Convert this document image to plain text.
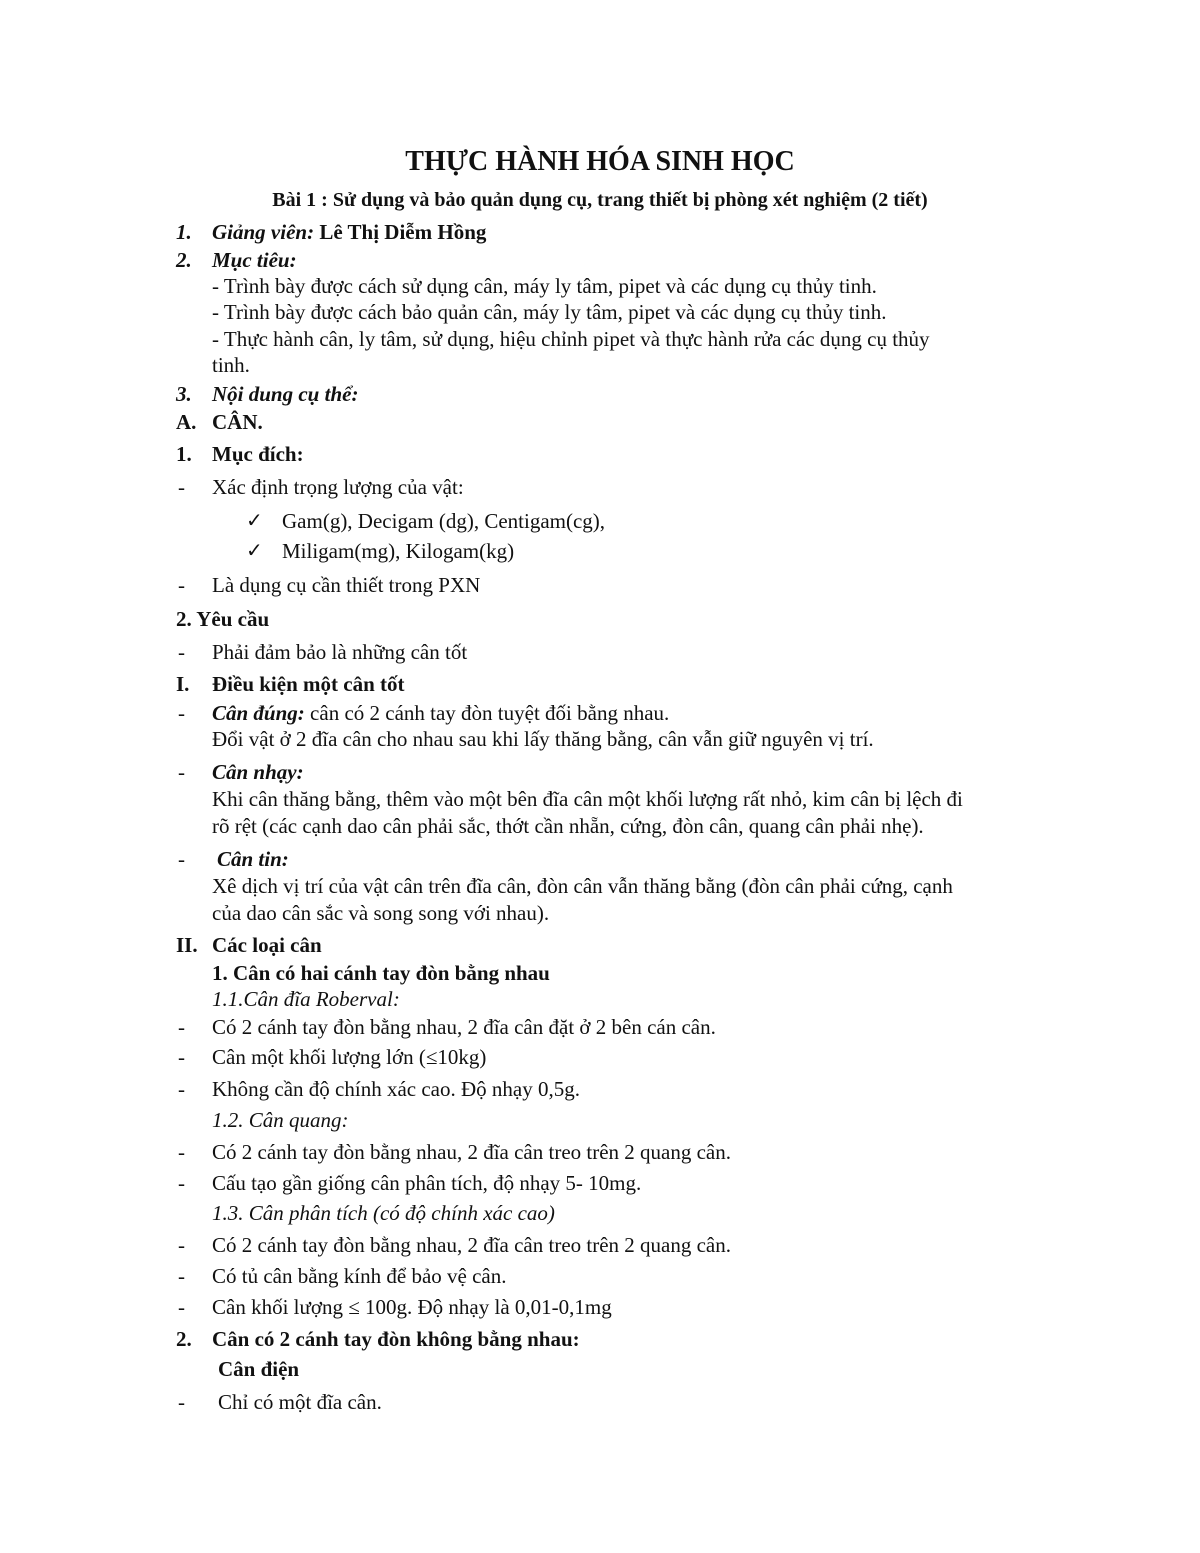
THỰC HÀNH HÓA SINH HỌC
Bài 1 : Sử dụng và bảo quản dụng cụ, trang thiết bị phòng xét nghiệm (2 tiết)
1. Giảng viên: Lê Thị Diễm Hồng
2. Mục tiêu:
- Trình bày được cách sử dụng cân, máy ly tâm, pipet và các dụng cụ thủy tinh.
- Trình bày được cách bảo quản cân, máy ly tâm, pipet và các dụng cụ thủy tinh.
- Thực hành cân, ly tâm, sử dụng, hiệu chỉnh pipet và thực hành rửa các dụng cụ thủy
tinh.
3. Nội dung cụ thể:
A. CÂN.
1. Mục đích:
- Xác định trọng lượng của vật:
✓ Gam(g), Decigam (dg), Centigam(cg),
✓ Miligam(mg), Kilogam(kg)
- Là dụng cụ cần thiết trong PXN
2. Yêu cầu
- Phải đảm bảo là những cân tốt
I. Điều kiện một cân tốt
- Cân đúng: cân có 2 cánh tay đòn tuyệt đối bằng nhau.
Đổi vật ở 2 đĩa cân cho nhau sau khi lấy thăng bằng, cân vẫn giữ nguyên vị trí.
- Cân nhạy:
Khi cân thăng bằng, thêm vào một bên đĩa cân một khối lượng rất nhỏ, kim cân bị lệch đi
rõ rệt (các cạnh dao cân phải sắc, thớt cần nhẵn, cứng, đòn cân, quang cân phải nhẹ).
- Cân tin:
Xê dịch vị trí của vật cân trên đĩa cân, đòn cân vẫn thăng bằng (đòn cân phải cứng, cạnh
của dao cân sắc và song song với nhau).
II. Các loại cân
1. Cân có hai cánh tay đòn bằng nhau
1.1.Cân đĩa Roberval:
- Có 2 cánh tay đòn bằng nhau, 2 đĩa cân đặt ở 2 bên cán cân.
- Cân một khối lượng lớn (≤10kg)
- Không cần độ chính xác cao. Độ nhạy 0,5g.
1.2. Cân quang:
- Có 2 cánh tay đòn bằng nhau, 2 đĩa cân treo trên 2 quang cân.
- Cấu tạo gần giống cân phân tích, độ nhạy 5- 10mg.
1.3. Cân phân tích (có độ chính xác cao)
- Có 2 cánh tay đòn bằng nhau, 2 đĩa cân treo trên 2 quang cân.
- Có tủ cân bằng kính để bảo vệ cân.
- Cân khối lượng ≤ 100g. Độ nhạy là 0,01-0,1mg
2. Cân có 2 cánh tay đòn không bằng nhau:
Cân điện
- Chỉ có một đĩa cân.
